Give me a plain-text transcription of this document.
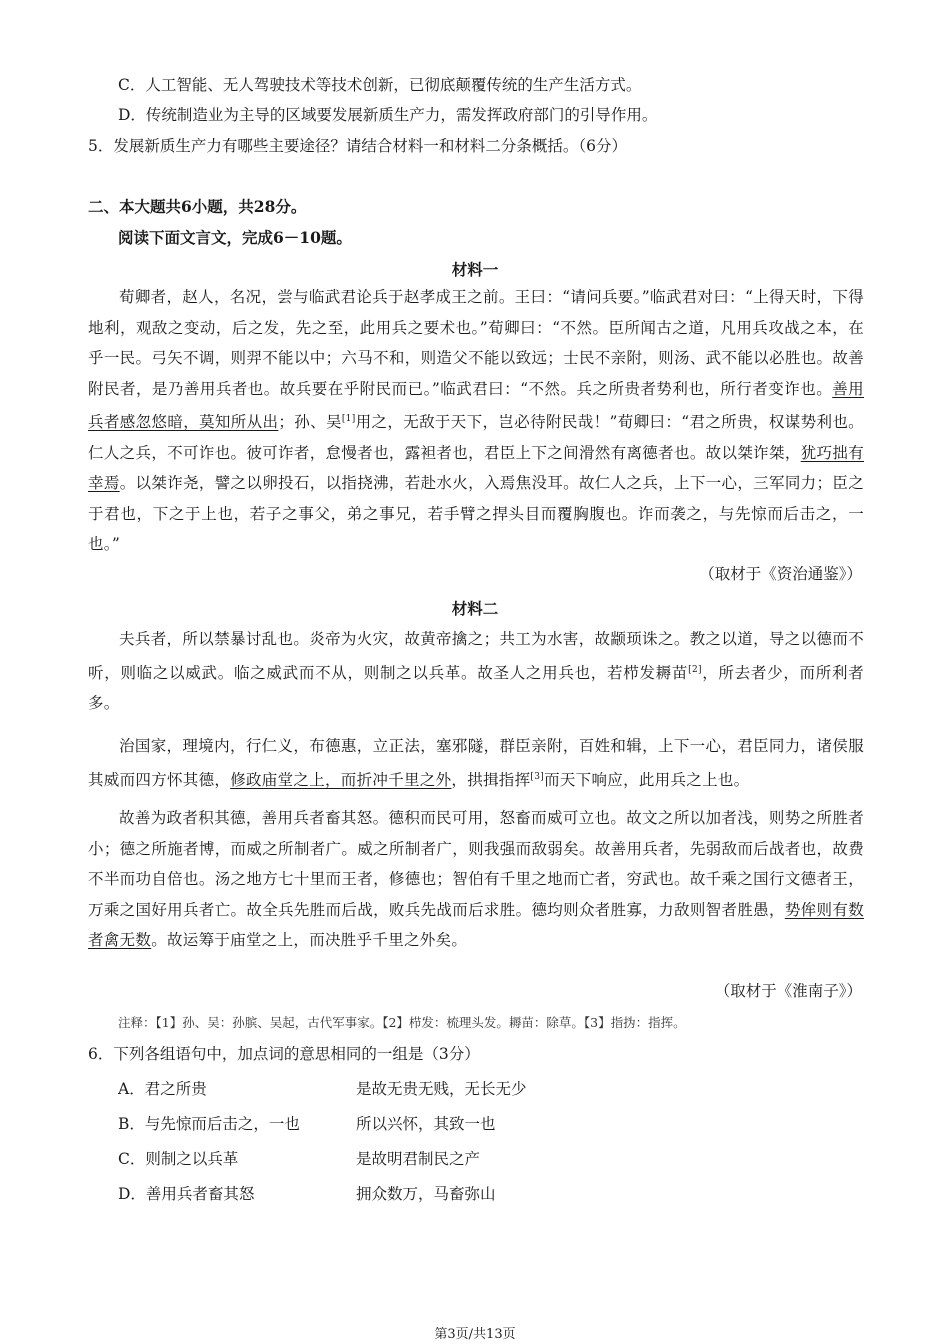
C．人工智能、无人驾驶技术等技术创新，已彻底颠覆传统的生产生活方式。
D．传统制造业为主导的区域要发展新质生产力，需发挥政府部门的引导作用。
5．发展新质生产力有哪些主要途径？请结合材料一和材料二分条概括。（6分）
二、本大题共6小题，共28分。
阅读下面文言文，完成6－10题。
材料一
荀卿者，赵人，名况，尝与临武君论兵于赵孝成王之前。王曰：“请问兵要。”临武君对曰：“上得天时，下得地利，观敌之变动，后之发，先之至，此用兵之要术也。”荀卿曰：“不然。臣所闻古之道，凡用兵攻战之本，在乎一民。弓矢不调，则羿不能以中；六马不和，则造父不能以致远；士民不亲附，则汤、武不能以必胜也。故善附民者，是乃善用兵者也。故兵要在乎附民而已。”临武君曰：“不然。兵之所贵者势利也，所行者变诈也。善用兵者感忽悠暗，莫知所从出；孙、吴[1]用之，无敌于天下，岂必待附民哉！”荀卿曰：“君之所贵，权谋势利也。仁人之兵，不可诈也。彼可诈者，怠慢者也，露袒者也，君臣上下之间滑然有离德者也。故以桀诈桀，犹巧拙有幸焉。以桀诈尧，譬之以卵投石，以指挠沸，若赴水火，入焉焦没耳。故仁人之兵，上下一心，三军同力；臣之于君也，下之于上也，若子之事父，弟之事兄，若手臂之捍头目而覆胸腹也。诈而袭之，与先惊而后击之，一也。”
（取材于《资治通鉴》）
材料二
夫兵者，所以禁暴讨乱也。炎帝为火灾，故黄帝擒之；共工为水害，故颛顼诛之。教之以道，导之以德而不听，则临之以威武。临之威武而不从，则制之以兵革。故圣人之用兵也，若栉发耨苗[2]，所去者少，而所利者多。
治国家，理境内，行仁义，布德惠，立正法，塞邪隧，群臣亲附，百姓和辑，上下一心，君臣同力，诸侯服其威而四方怀其德，修政庙堂之上，而折冲千里之外，拱揖指挥[3]而天下响应，此用兵之上也。
故善为政者积其德，善用兵者畜其怒。德积而民可用，怒畜而威可立也。故文之所以加者浅，则势之所胜者小；德之所施者博，而威之所制者广。威之所制者广，则我强而敌弱矣。故善用兵者，先弱敌而后战者也，故费不半而功自倍也。汤之地方七十里而王者，修德也；智伯有千里之地而亡者，穷武也。故千乘之国行文德者王，万乘之国好用兵者亡。故全兵先胜而后战，败兵先战而后求胜。德均则众者胜寡，力敌则智者胜愚，势侔则有数者禽无数。故运筹于庙堂之上，而决胜乎千里之外矣。
（取材于《淮南子》）
注释：【1】孙、吴：孙膑、吴起，古代军事家。【2】栉发：梳理头发。耨苗：除草。【3】指㧑：指挥。
6．下列各组语句中，加点词的意思相同的一组是（3分）
A．君之所贵	是故无贵无贱，无长无少
B．与先惊而后击之，一也	所以兴怀，其致一也
C．则制之以兵革	是故明君制民之产
D．善用兵者畜其怒	拥众数万，马畜弥山
第3页/共13页
